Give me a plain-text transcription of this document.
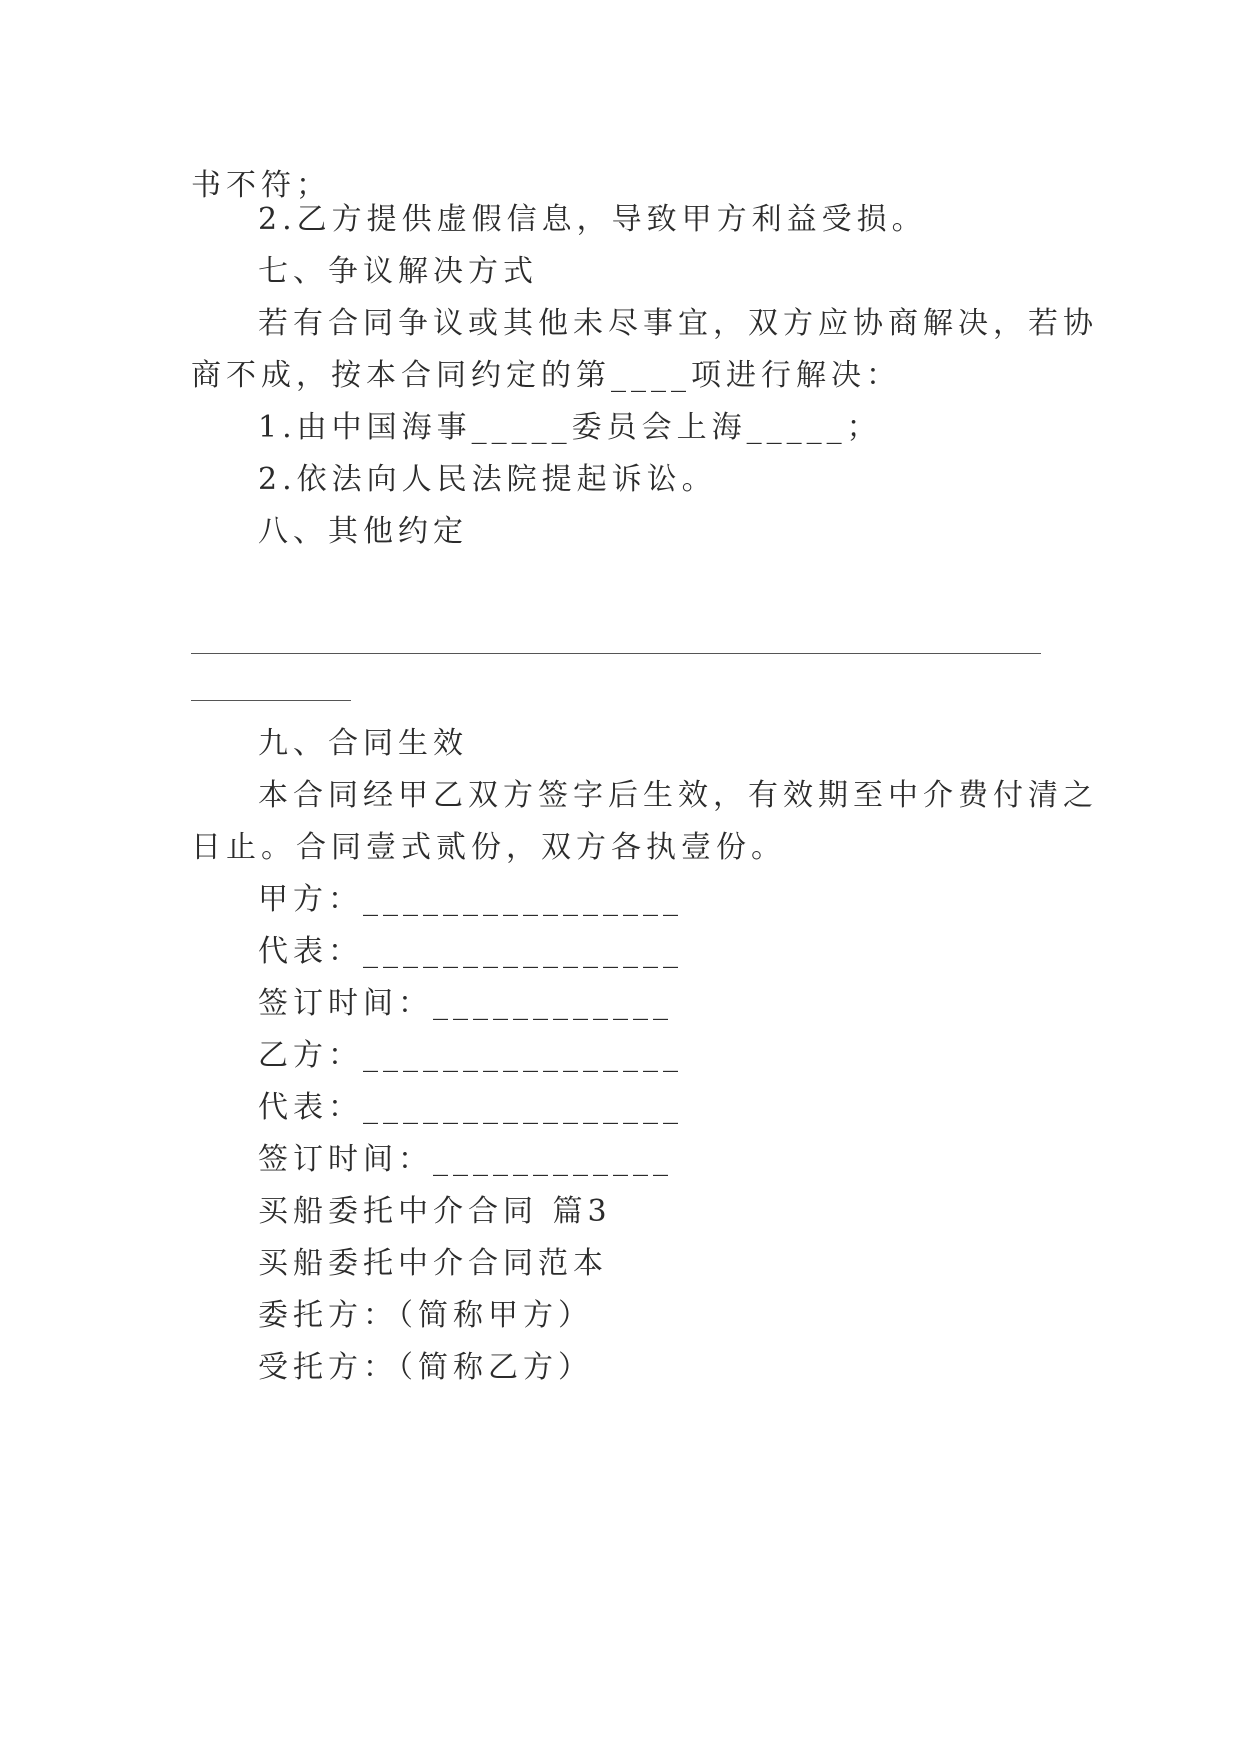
书不符；
2.乙方提供虚假信息，导致甲方利益受损。
七、争议解决方式
若有合同争议或其他未尽事宜，双方应协商解决，若协
商不成，按本合同约定的第____项进行解决：
1.由中国海事_____委员会上海_____；
2.依法向人民法院提起诉讼。
八、其他约定
九、合同生效
本合同经甲乙双方签字后生效，有效期至中介费付清之
日止。合同壹式贰份，双方各执壹份。
甲方：________________
代表：________________
签订时间：____________
乙方：________________
代表：________________
签订时间：____________
买船委托中介合同 篇3
买船委托中介合同范本
委托方：（简称甲方）
受托方：（简称乙方）
